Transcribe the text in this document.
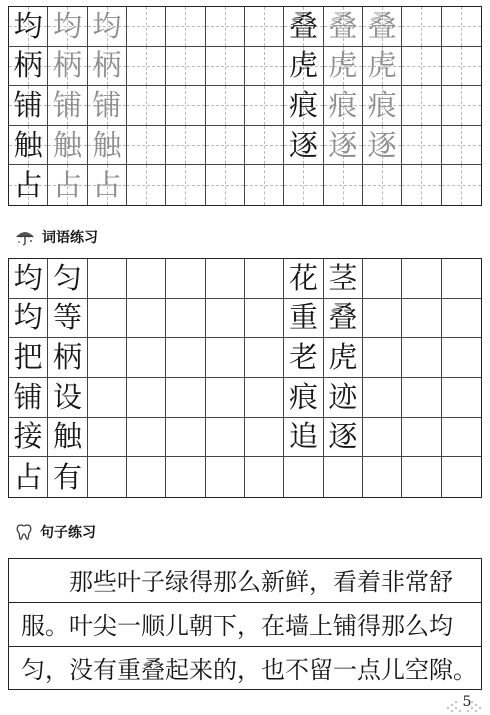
均 均 均	叠 叠 叠
柄 柄 柄	虎 虎 虎
铺 铺 铺	痕 痕 痕
触 触 触	逐 逐 逐
占 占 占
词语练习
均 匀	花 茎
均 等	重 叠
把 柄	老 虎
铺 设	痕 迹
接 触	追 逐
占 有
句子练习
那些叶子绿得那么新鲜，看着非常舒
服。叶尖一顺儿朝下，在墙上铺得那么均
匀，没有重叠起来的，也不留一点儿空隙。
5
